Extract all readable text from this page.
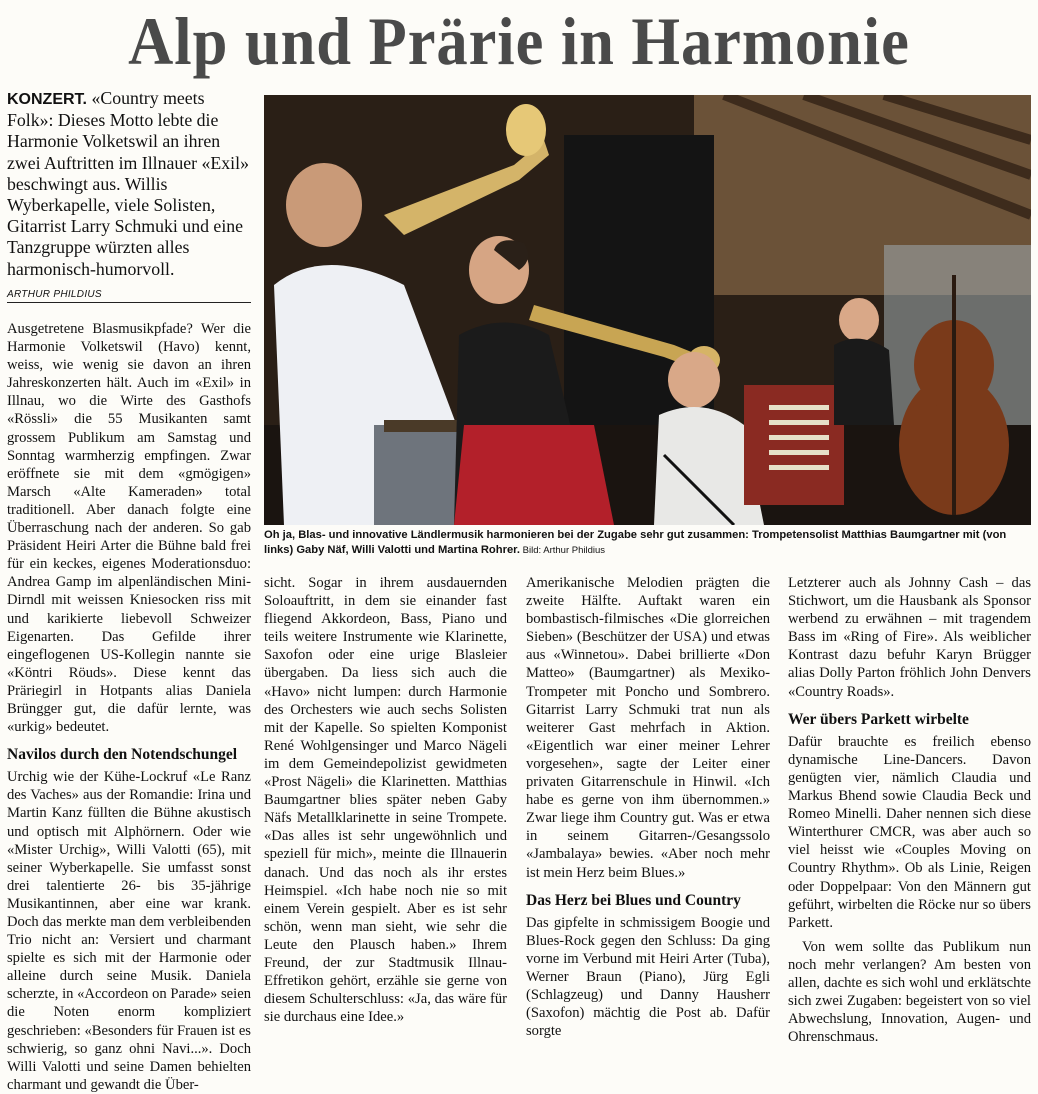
Alp und Prärie in Harmonie
KONZERT. «Country meets Folk»: Dieses Motto lebte die Harmonie Volketswil an ihren zwei Auftritten im Illnauer «Exil» beschwingt aus. Willis Wyberkapelle, viele Solisten, Gitarrist Larry Schmuki und eine Tanzgruppe würzten alles harmonisch-humorvoll.
ARTHUR PHILDIUS
Oh ja, Blas- und innovative Ländlermusik harmonieren bei der Zugabe sehr gut zusammen: Trompetensolist Matthias Baumgartner mit (von links) Gaby Näf, Willi Valotti und Martina Rohrer. Bild: Arthur Phildius
Ausgetretene Blasmusikpfade? Wer die Harmonie Volketswil (Havo) kennt, weiss, wie wenig sie davon an ihren Jahreskonzerten hält. Auch im «Exil» in Illnau, wo die Wirte des Gasthofs «Rössli» die 55 Musikanten samt grossem Publikum am Samstag und Sonntag warmherzig empfingen. Zwar eröffnete sie mit dem «gmögigen» Marsch «Alte Kameraden» total traditionell. Aber danach folgte eine Überraschung nach der anderen. So gab Präsident Heiri Arter die Bühne bald frei für ein keckes, eigenes Moderationsduo: Andrea Gamp im alpenländischen Mini-Dirndl mit weissen Kniesocken riss mit und karikierte liebevoll Schweizer Eigenarten. Das Gefilde ihrer eingeflogenen US-Kollegin nannte sie «Köntri Röuds». Diese kennt das Präriegirl in Hotpants alias Daniela Brüngger gut, die dafür lernte, was «urkig» bedeutet.
Navilos durch den Notendschungel
Urchig wie der Kühe-Lockruf «Le Ranz des Vaches» aus der Romandie: Irina und Martin Kanz füllten die Bühne akustisch und optisch mit Alphörnern. Oder wie «Mister Urchig», Willi Valotti (65), mit seiner Wyberkapelle. Sie umfasst sonst drei talentierte 26- bis 35-jährige Musikantinnen, aber eine war krank. Doch das merkte man dem verbleibenden Trio nicht an: Versiert und charmant spielte es sich mit der Harmonie oder alleine durch seine Musik. Daniela scherzte, in «Accordeon on Parade» seien die Noten enorm kompliziert geschrieben: «Besonders für Frauen ist es schwierig, so ganz ohni Navi...». Doch Willi Valotti und seine Damen behielten charmant und gewandt die Über-
sicht. Sogar in ihrem ausdauernden Soloauftritt, in dem sie einander fast fliegend Akkordeon, Bass, Piano und teils weitere Instrumente wie Klarinette, Saxofon oder eine urige Blasleier übergaben. Da liess sich auch die «Havo» nicht lumpen: durch Harmonie des Orchesters wie auch sechs Solisten mit der Kapelle. So spielten Komponist René Wohlgensinger und Marco Nägeli im dem Gemeindepolizist gewidmeten «Prost Nägeli» die Klarinetten. Matthias Baumgartner blies später neben Gaby Näfs Metallklarinette in seine Trompete. «Das alles ist sehr ungewöhnlich und speziell für mich», meinte die Illnauerin danach. Und das noch als ihr erstes Heimspiel. «Ich habe noch nie so mit einem Verein gespielt. Aber es ist sehr schön, wenn man sieht, wie sehr die Leute den Plausch haben.» Ihrem Freund, der zur Stadtmusik Illnau-Effretikon gehört, erzähle sie gerne von diesem Schulterschluss: «Ja, das wäre für sie durchaus eine Idee.»
Amerikanische Melodien prägten die zweite Hälfte. Auftakt waren ein bombastisch-filmisches «Die glorreichen Sieben» (Beschützer der USA) und etwas aus «Winnetou». Dabei brillierte «Don Matteo» (Baumgartner) als Mexiko-Trompeter mit Poncho und Sombrero. Gitarrist Larry Schmuki trat nun als weiterer Gast mehrfach in Aktion. «Eigentlich war einer meiner Lehrer vorgesehen», sagte der Leiter einer privaten Gitarrenschule in Hinwil. «Ich habe es gerne von ihm übernommen.» Zwar liege ihm Country gut. Was er etwa in seinem Gitarren-/Gesangssolo «Jambalaya» bewies. «Aber noch mehr ist mein Herz beim Blues.»
Das Herz bei Blues und Country
Das gipfelte in schmissigem Boogie und Blues-Rock gegen den Schluss: Da ging vorne im Verbund mit Heiri Arter (Tuba), Werner Braun (Piano), Jürg Egli (Schlagzeug) und Danny Hausherr (Saxofon) mächtig die Post ab. Dafür sorgte
Letzterer auch als Johnny Cash – das Stichwort, um die Hausbank als Sponsor werbend zu erwähnen – mit tragendem Bass im «Ring of Fire». Als weiblicher Kontrast dazu befuhr Karyn Brügger alias Dolly Parton fröhlich John Denvers «Country Roads».
Wer übers Parkett wirbelte
Dafür brauchte es freilich ebenso dynamische Line-Dancers. Davon genügten vier, nämlich Claudia und Markus Bhend sowie Claudia Beck und Romeo Minelli. Daher nennen sich diese Winterthurer CMCR, was aber auch so viel heisst wie «Couples Moving on Country Rhythm». Ob als Linie, Reigen oder Doppelpaar: Von den Männern gut geführt, wirbelten die Röcke nur so übers Parkett.
Von wem sollte das Publikum nun noch mehr verlangen? Am besten von allen, dachte es sich wohl und erklätschte sich zwei Zugaben: begeistert von so viel Abwechslung, Innovation, Augen- und Ohrenschmaus.
